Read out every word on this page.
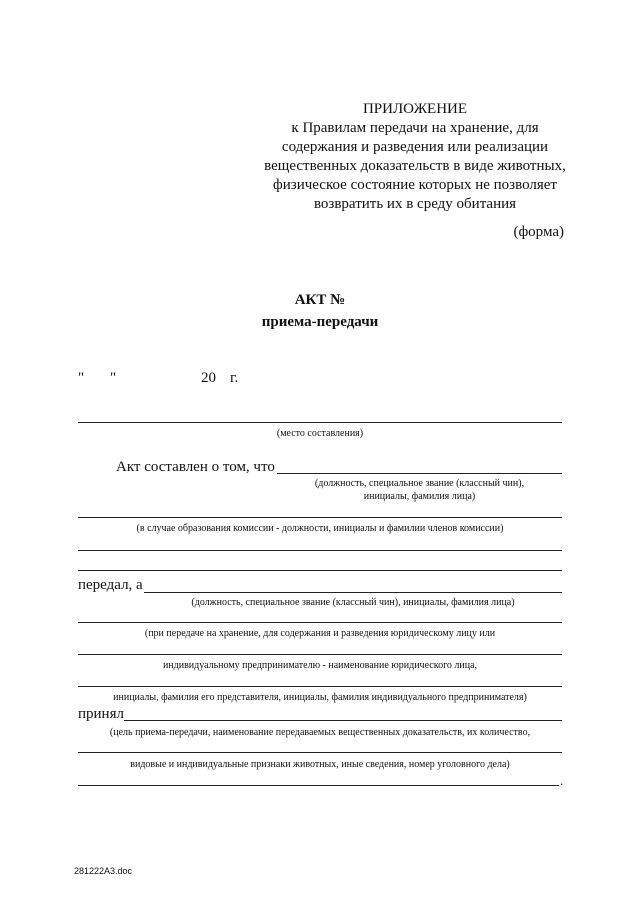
ПРИЛОЖЕНИЕ
к Правилам передачи на хранение, для
содержания и разведения или реализации
вещественных доказательств в виде животных,
физическое состояние которых не позволяет
возвратить их в среду обитания
(форма)
АКТ №
приема-передачи
" "	20 г.
(место составления)
Акт составлен о том, что
(должность, специальное звание (классный чин),
инициалы, фамилия лица)
(в случае образования комиссии - должности, инициалы и фамилии членов комиссии)
передал, а
(должность, специальное звание (классный чин), инициалы, фамилия лица)
(при передаче на хранение, для содержания и разведения юридическому лицу или
индивидуальному предпринимателю - наименование юридического лица,
инициалы, фамилия его представителя, инициалы, фамилия индивидуального предпринимателя)
принял
(цель приема-передачи, наименование передаваемых вещественных доказательств, их количество,
видовые и индивидуальные признаки животных, иные сведения, номер уголовного дела)
.
281222A3.doc
